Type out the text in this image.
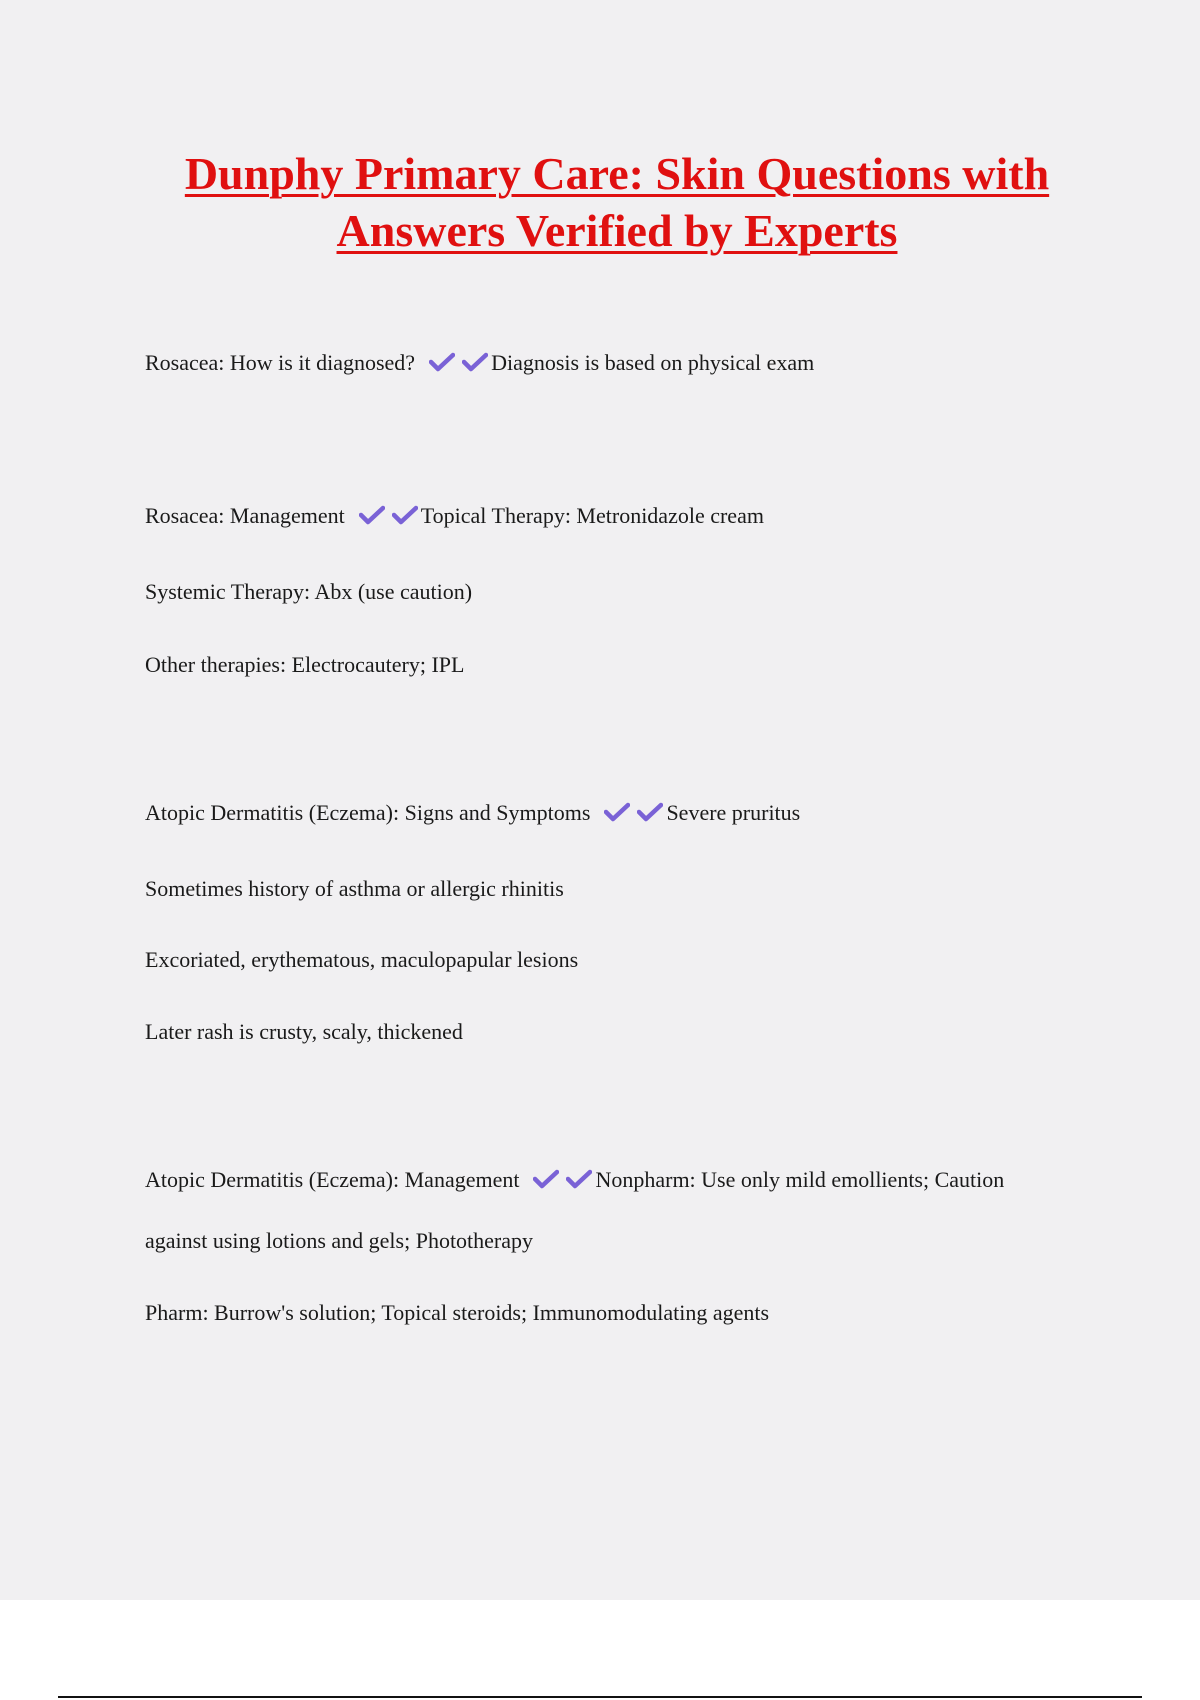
Dunphy Primary Care: Skin Questions with Answers Verified by Experts

Rosacea: How is it diagnosed?	Diagnosis is based on physical exam

Rosacea: Management	Topical Therapy: Metronidazole cream

Systemic Therapy: Abx (use caution)

Other therapies: Electrocautery; IPL

Atopic Dermatitis (Eczema): Signs and Symptoms	Severe pruritus

Sometimes history of asthma or allergic rhinitis

Excoriated, erythematous, maculopapular lesions

Later rash is crusty, scaly, thickened

Atopic Dermatitis (Eczema): Management	Nonpharm: Use only mild emollients; Caution

against using lotions and gels; Phototherapy

Pharm: Burrow's solution; Topical steroids; Immunomodulating agents
